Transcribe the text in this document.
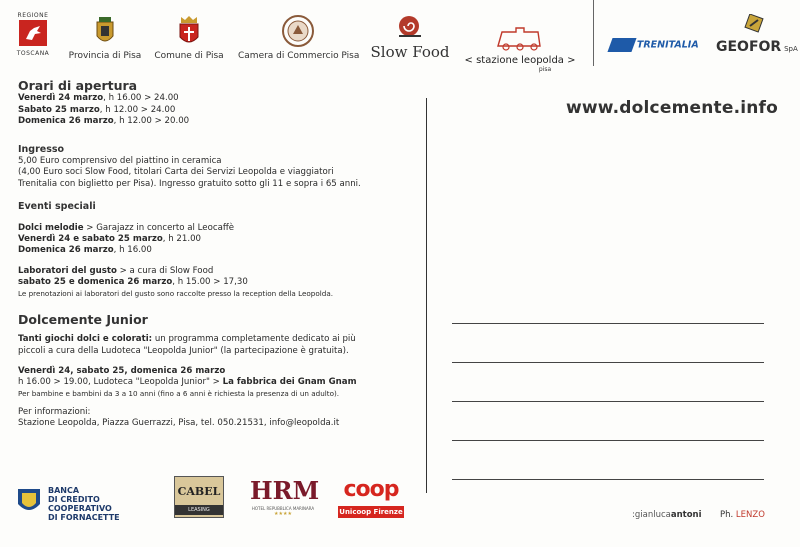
REGIONE
TOSCANA	Provincia di Pisa Comune di Pisa Camera di Commercio Pisa Slow Food < stazione leopolda >
pisa
TRENITALIA	GEOFOR SpA
www.dolcemente.info
Orari di apertura
Venerdì 24 marzo, h 16.00 > 24.00
Sabato 25 marzo, h 12.00 > 24.00
Domenica 26 marzo, h 12.00 > 20.00
Ingresso
5,00 Euro comprensivo del piattino in ceramica
(4,00 Euro soci Slow Food, titolari Carta dei Servizi Leopolda e viaggiatori
Trenitalia con biglietto per Pisa). Ingresso gratuito sotto gli 11 e sopra i 65 anni.
Eventi speciali
Dolci melodie > Garajazz in concerto al Leocaffè
Venerdì 24 e sabato 25 marzo, h 21.00
Domenica 26 marzo, h 16.00
Laboratori del gusto > a cura di Slow Food
sabato 25 e domenica 26 marzo, h 15.00 > 17,30
Le prenotazioni ai laboratori del gusto sono raccolte presso la reception della Leopolda.
Dolcemente Junior
Tanti giochi dolci e colorati: un programma completamente dedicato ai più
piccoli a cura della Ludoteca "Leopolda Junior" (la partecipazione è gratuita).
Venerdì 24, sabato 25, domenica 26 marzo
h 16.00 > 19.00, Ludoteca "Leopolda Junior" > La fabbrica dei Gnam Gnam
Per bambine e bambini da 3 a 10 anni (fino a 6 anni è richiesta la presenza di un adulto).
Per informazioni:
Stazione Leopolda, Piazza Guerrazzi, Pisa, tel. 050.21531, info@leopolda.it
BANCA
DI CREDITO COOPERATIVO
DI FORNACETTE
CABEL
LEASING
HRM
HOTEL REPUBBLICA MARINARA
★★★★
coop
Unicoop Firenze	:gianlucaantoni Ph. LENZO
